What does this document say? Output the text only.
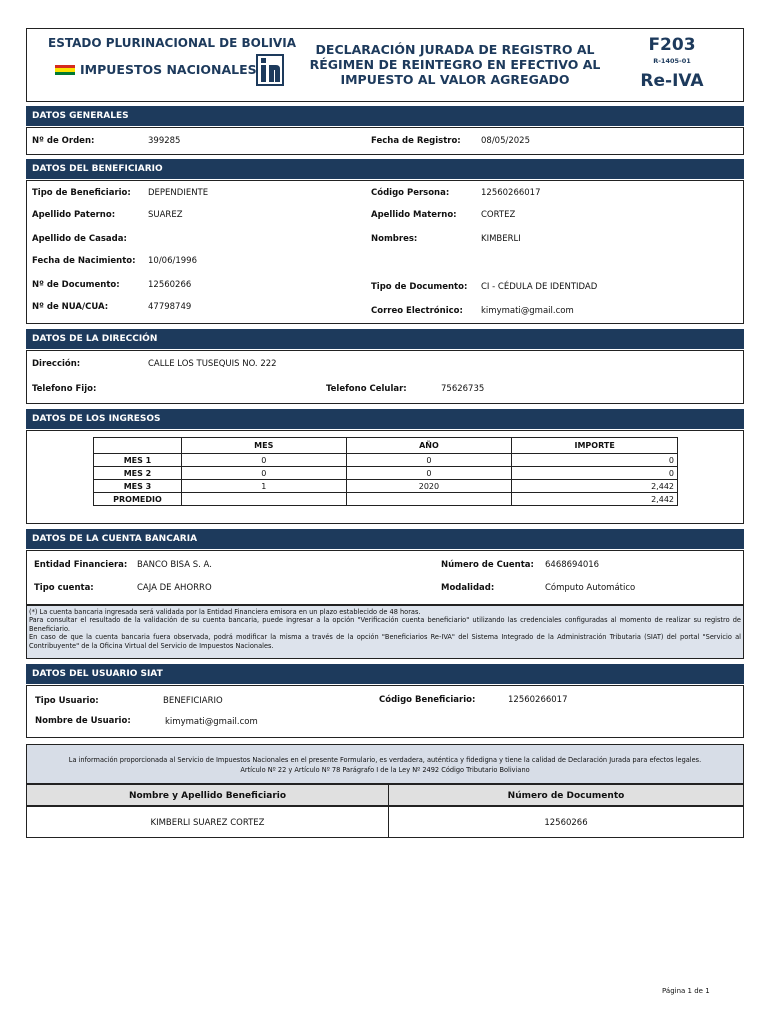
ESTADO PLURINACIONAL DE BOLIVIA
IMPUESTOS NACIONALES
DECLARACIÓN JURADA DE REGISTRO AL RÉGIMEN DE REINTEGRO EN EFECTIVO AL IMPUESTO AL VALOR AGREGADO
F203
R-1405-01
Re-IVA
DATOS GENERALES
Nº de Orden:	399285	Fecha de Registro: 08/05/2025
DATOS DEL BENEFICIARIO
Tipo de Beneficiario: DEPENDIENTE	Código Persona:	12560266017
Apellido Paterno:	SUAREZ	Apellido Materno:	CORTEZ
Apellido de Casada:	Nombres:	KIMBERLI
Fecha de Nacimiento: 10/06/1996
Nº de Documento:	12560266	Tipo de Documento: CI - CÉDULA DE IDENTIDAD
Nº de NUA/CUA:	47798749	Correo Electrónico: kimymati@gmail.com
DATOS DE LA DIRECCIÓN
Dirección:	CALLE LOS TUSEQUIS NO. 222
Telefono Fijo:	Telefono Celular:	75626735
DATOS DE LOS INGRESOS
	MES	AÑO	IMPORTE
MES 1	0	0	0
MES 2	0	0	0
MES 3	1	2020	2,442
PROMEDIO			2,442
DATOS DE LA CUENTA BANCARIA
Entidad Financiera: BANCO BISA S. A.	Número de Cuenta: 6468694016
Tipo cuenta:	CAJA DE AHORRO	Modalidad:	Cómputo Automático
(*) La cuenta bancaria ingresada será validada por la Entidad Financiera emisora en un plazo establecido de 48 horas.
Para consultar el resultado de la validación de su cuenta bancaria, puede ingresar a la opción "Verificación cuenta beneficiario" utilizando las credenciales configuradas al momento de realizar su registro de Beneficiario.
En caso de que la cuenta bancaria fuera observada, podrá modificar la misma a través de la opción "Beneficiarios Re-IVA" del Sistema Integrado de la Administración Tributaria (SIAT) del portal "Servicio al Contribuyente" de la Oficina Virtual del Servicio de Impuestos Nacionales.
DATOS DEL USUARIO SIAT
Tipo Usuario:	BENEFICIARIO	Código Beneficiario:	12560266017
Nombre de Usuario:	kimymati@gmail.com
La información proporcionada al Servicio de Impuestos Nacionales en el presente Formulario, es verdadera, auténtica y fidedigna y tiene la calidad de Declaración Jurada para efectos legales.
Artículo Nº 22 y Artículo Nº 78 Parágrafo I de la Ley Nº 2492 Código Tributario Boliviano
Nombre y Apellido Beneficiario	Número de Documento
KIMBERLI SUAREZ CORTEZ	12560266
Página 1 de 1
